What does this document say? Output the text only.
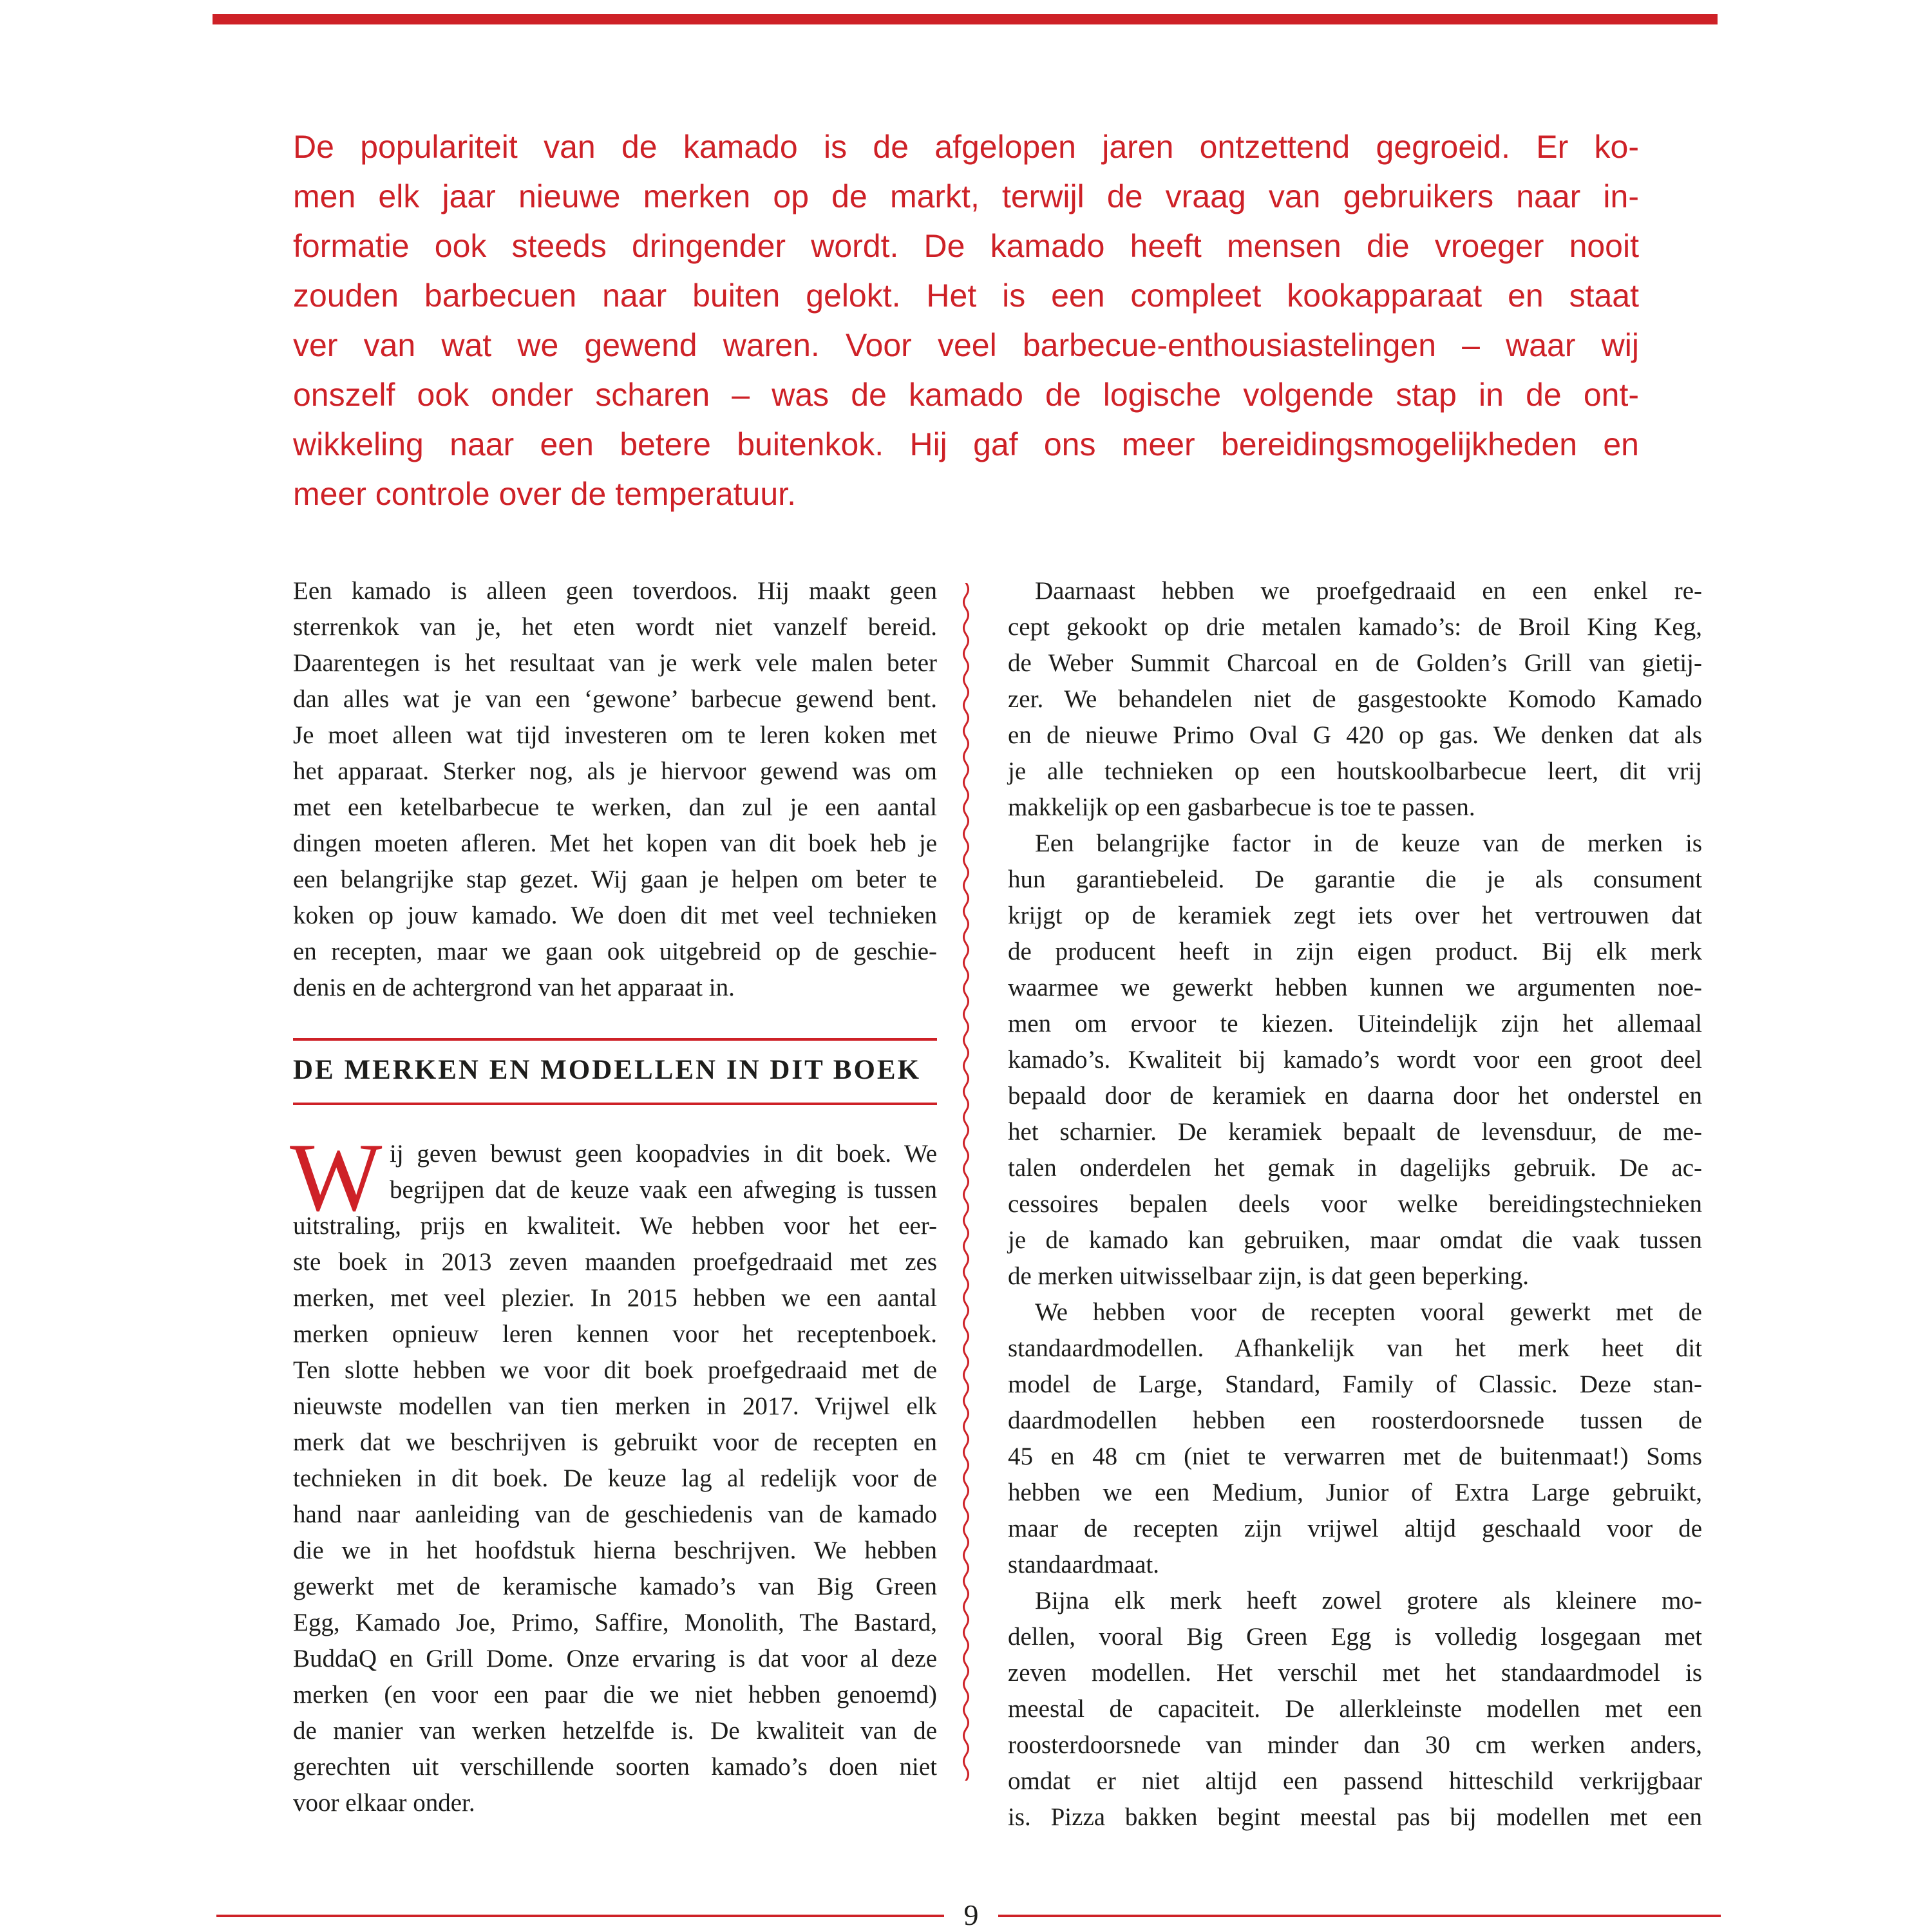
De populariteit van de kamado is de afgelopen jaren ontzettend gegroeid. Er ko-
men elk jaar nieuwe merken op de markt, terwijl de vraag van gebruikers naar in-
formatie ook steeds dringender wordt. De kamado heeft mensen die vroeger nooit
zouden barbecuen naar buiten gelokt. Het is een compleet kookapparaat en staat
ver van wat we gewend waren. Voor veel barbecue-enthousiastelingen – waar wij
onszelf ook onder scharen – was de kamado de logische volgende stap in de ont-
wikkeling naar een betere buitenkok. Hij gaf ons meer bereidingsmogelijkheden en
meer controle over de temperatuur.
Een kamado is alleen geen toverdoos. Hij maakt geen
sterrenkok van je, het eten wordt niet vanzelf bereid.
Daarentegen is het resultaat van je werk vele malen beter
dan alles wat je van een ‘gewone’ barbecue gewend bent.
Je moet alleen wat tijd investeren om te leren koken met
het apparaat. Sterker nog, als je hiervoor gewend was om
met een ketelbarbecue te werken, dan zul je een aantal
dingen moeten afleren. Met het kopen van dit boek heb je
een belangrijke stap gezet. Wij gaan je helpen om beter te
koken op jouw kamado. We doen dit met veel technieken
en recepten, maar we gaan ook uitgebreid op de geschie-
denis en de achtergrond van het apparaat in.
DE MERKEN EN MODELLEN IN DIT BOEK
W ij geven bewust geen koopadvies in dit boek. We
begrijpen dat de keuze vaak een afweging is tussen
uitstraling, prijs en kwaliteit. We hebben voor het eer-
ste boek in 2013 zeven maanden proefgedraaid met zes
merken, met veel plezier. In 2015 hebben we een aantal
merken opnieuw leren kennen voor het receptenboek.
Ten slotte hebben we voor dit boek proefgedraaid met de
nieuwste modellen van tien merken in 2017. Vrijwel elk
merk dat we beschrijven is gebruikt voor de recepten en
technieken in dit boek. De keuze lag al redelijk voor de
hand naar aanleiding van de geschiedenis van de kamado
die we in het hoofdstuk hierna beschrijven. We hebben
gewerkt met de keramische kamado’s van Big Green
Egg, Kamado Joe, Primo, Saffire, Monolith, The Bastard,
BuddaQ en Grill Dome. Onze ervaring is dat voor al deze
merken (en voor een paar die we niet hebben genoemd)
de manier van werken hetzelfde is. De kwaliteit van de
gerechten uit verschillende soorten kamado’s doen niet
voor elkaar onder.
Daarnaast hebben we proefgedraaid en een enkel re-
cept gekookt op drie metalen kamado’s: de Broil King Keg,
de Weber Summit Charcoal en de Golden’s Grill van gietij-
zer. We behandelen niet de gasgestookte Komodo Kamado
en de nieuwe Primo Oval G 420 op gas. We denken dat als
je alle technieken op een houtskoolbarbecue leert, dit vrij
makkelijk op een gasbarbecue is toe te passen.
Een belangrijke factor in de keuze van de merken is
hun garantiebeleid. De garantie die je als consument
krijgt op de keramiek zegt iets over het vertrouwen dat
de producent heeft in zijn eigen product. Bij elk merk
waarmee we gewerkt hebben kunnen we argumenten noe-
men om ervoor te kiezen. Uiteindelijk zijn het allemaal
kamado’s. Kwaliteit bij kamado’s wordt voor een groot deel
bepaald door de keramiek en daarna door het onderstel en
het scharnier. De keramiek bepaalt de levensduur, de me-
talen onderdelen het gemak in dagelijks gebruik. De ac-
cessoires bepalen deels voor welke bereidingstechnieken
je de kamado kan gebruiken, maar omdat die vaak tussen
de merken uitwisselbaar zijn, is dat geen beperking.
We hebben voor de recepten vooral gewerkt met de
standaardmodellen. Afhankelijk van het merk heet dit
model de Large, Standard, Family of Classic. Deze stan-
daardmodellen hebben een roosterdoorsnede tussen de
45 en 48 cm (niet te verwarren met de buitenmaat!) Soms
hebben we een Medium, Junior of Extra Large gebruikt,
maar de recepten zijn vrijwel altijd geschaald voor de
standaardmaat.
Bijna elk merk heeft zowel grotere als kleinere mo-
dellen, vooral Big Green Egg is volledig losgegaan met
zeven modellen. Het verschil met het standaardmodel is
meestal de capaciteit. De allerkleinste modellen met een
roosterdoorsnede van minder dan 30 cm werken anders,
omdat er niet altijd een passend hitteschild verkrijgbaar
is. Pizza bakken begint meestal pas bij modellen met een
9
